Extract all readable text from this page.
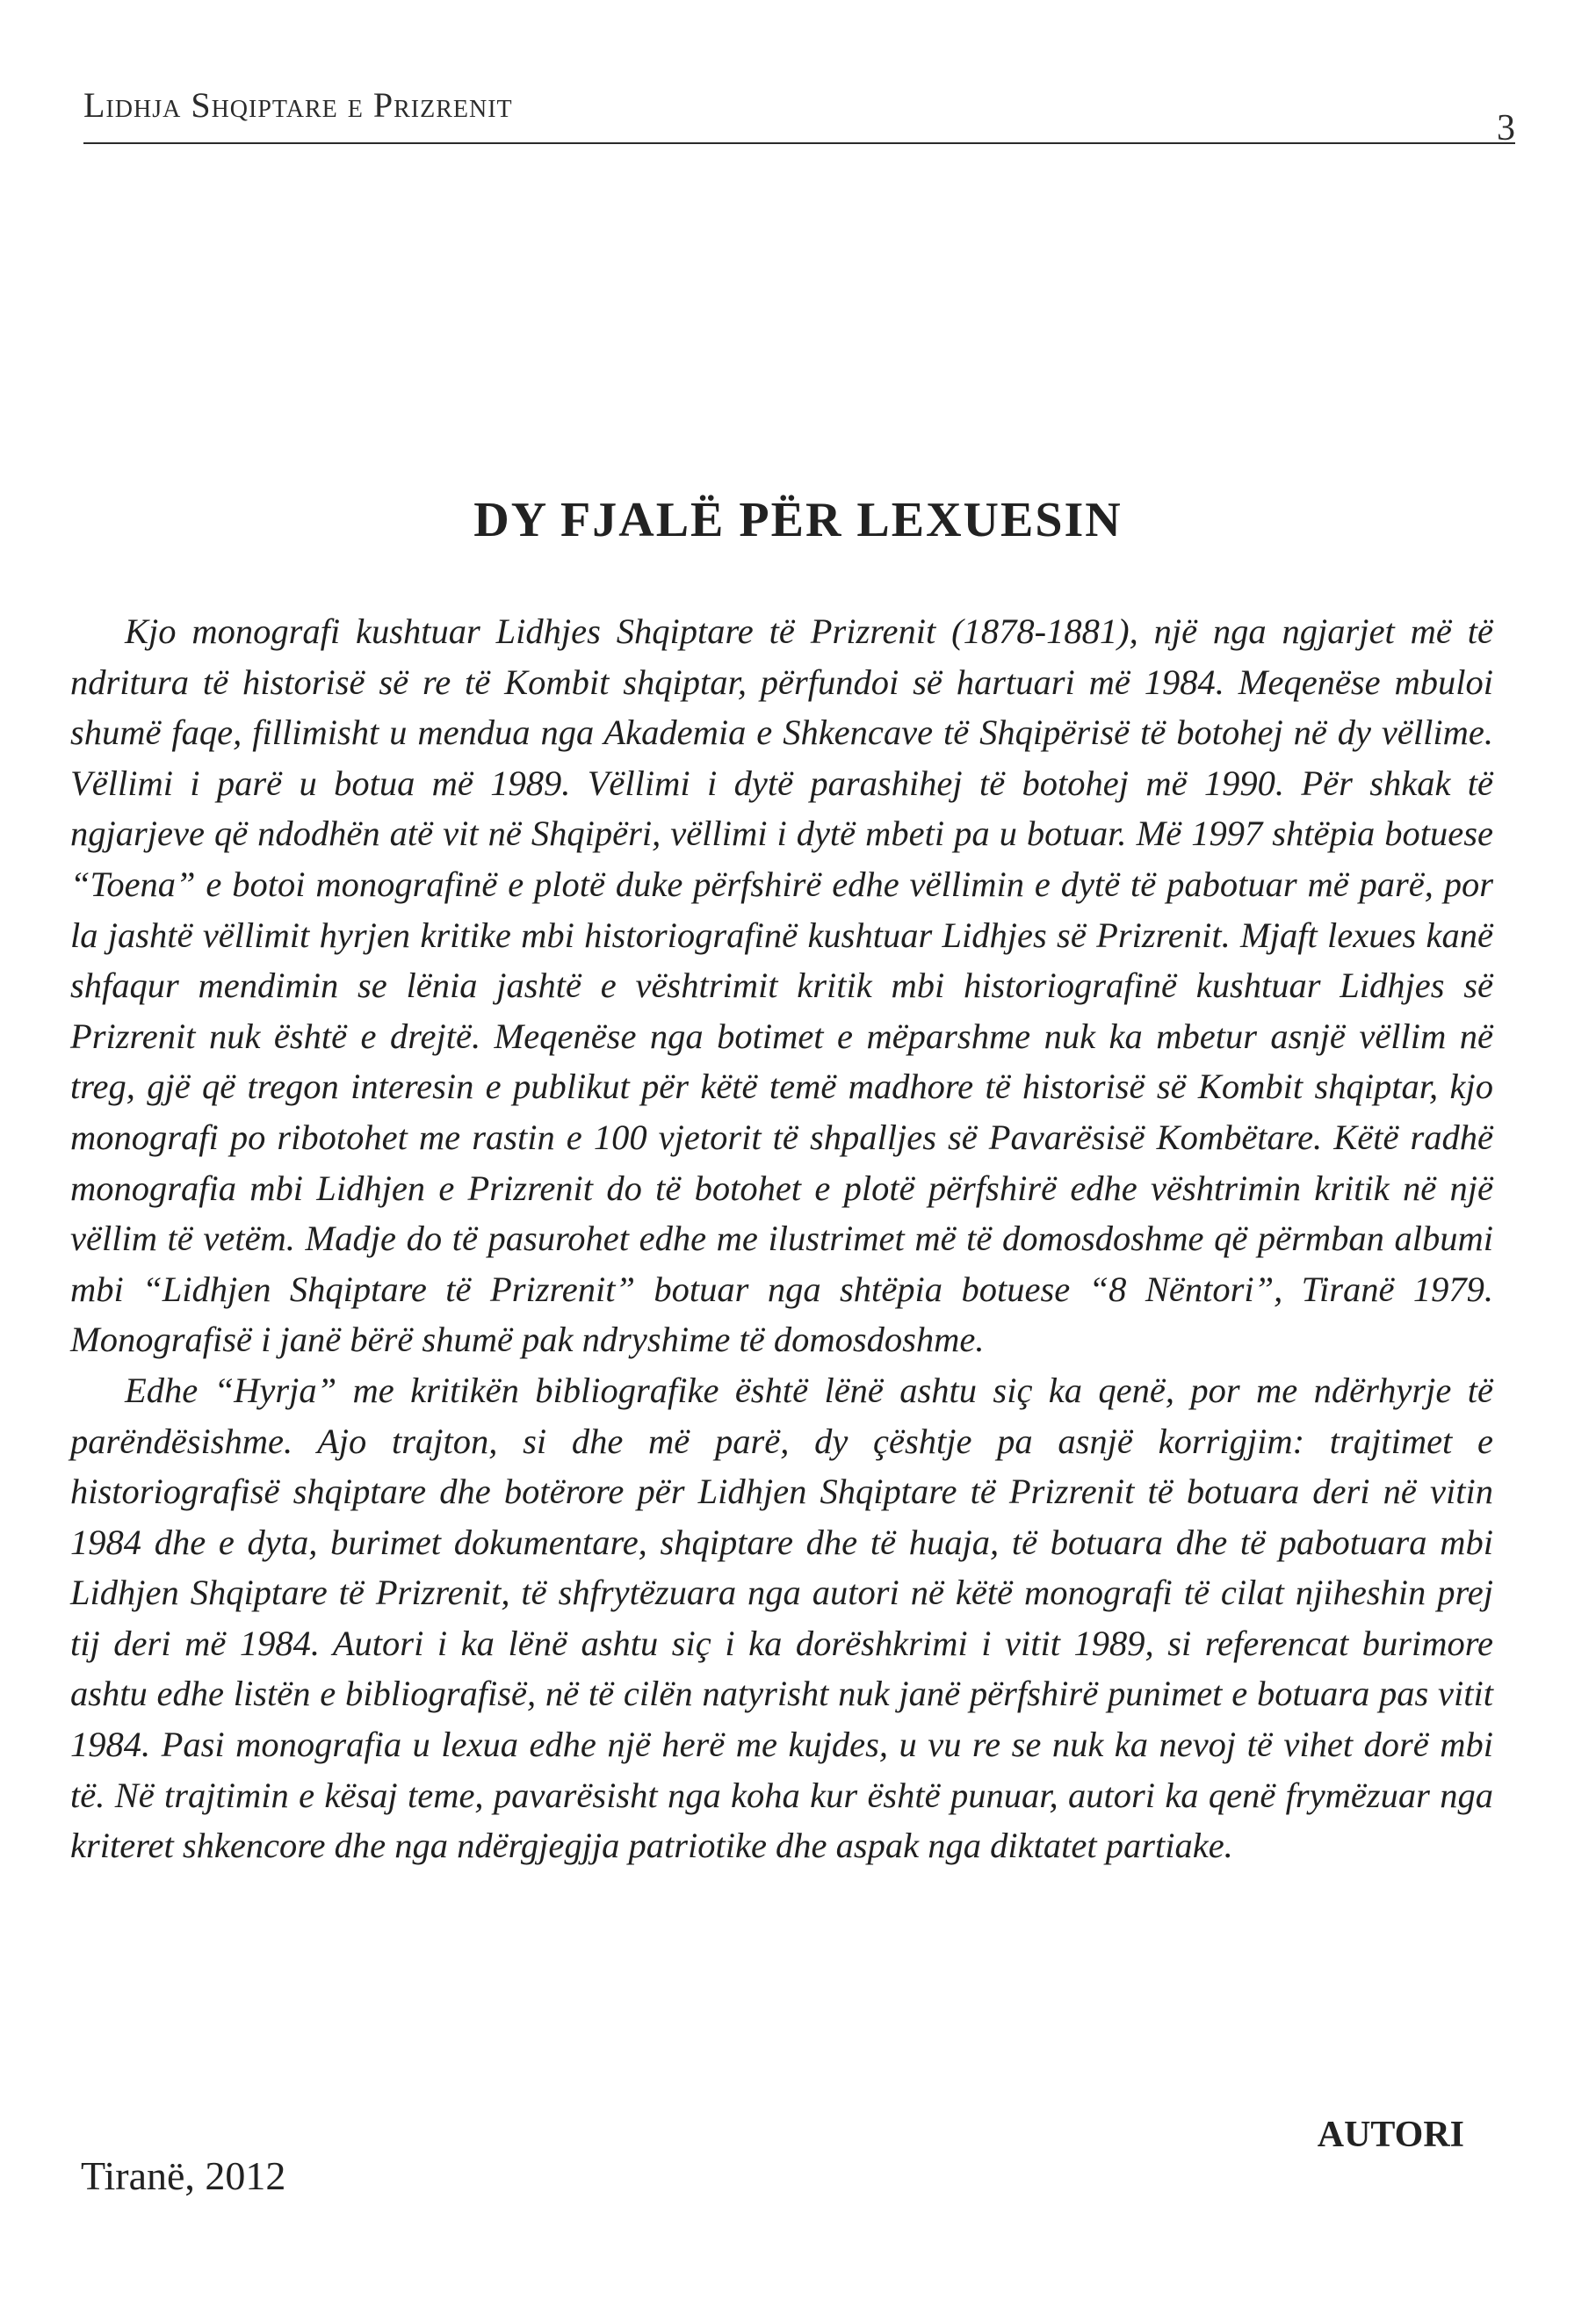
Lidhja Shqiptare e Prizrenit
3
DY FJALË PËR LEXUESIN

Kjo monografi kushtuar Lidhjes Shqiptare të Prizrenit (1878-1881), një nga ngjarjet më të ndritura të historisë së re të Kombit shqiptar, përfundoi së hartuari më 1984. Meqenëse mbuloi shumë faqe, fillimisht u mendua nga Akademia e Shkencave të Shqipërisë të botohej në dy vëllime. Vëllimi i parë u botua më 1989. Vëllimi i dytë parashihej të botohej më 1990. Për shkak të ngjarjeve që ndodhën atë vit në Shqipëri, vëllimi i dytë mbeti pa u botuar. Më 1997 shtëpia botuese “Toena” e botoi monografinë e plotë duke përfshirë edhe vëllimin e dytë të pabotuar më parë, por la jashtë vëllimit hyrjen kritike mbi historiografinë kushtuar Lidhjes së Prizrenit. Mjaft lexues kanë shfaqur mendimin se lënia jashtë e vështrimit kritik mbi historiografinë kushtuar Lidhjes së Prizrenit nuk është e drejtë. Meqenëse nga botimet e mëparshme nuk ka mbetur asnjë vëllim në treg, gjë që tregon interesin e publikut për këtë temë madhore të historisë së Kombit shqiptar, kjo monografi po ribotohet me rastin e 100 vjetorit të shpalljes së Pavarësisë Kombëtare. Këtë radhë monografia mbi Lidhjen e Prizrenit do të botohet e plotë përfshirë edhe vështrimin kritik në një vëllim të vetëm. Madje do të pasurohet edhe me ilustrimet më të domosdoshme që përmban albumi mbi “Lidhjen Shqiptare të Prizrenit” botuar nga shtëpia botuese “8 Nëntori”, Tiranë 1979. Monografisë i janë bërë shumë pak ndryshime të domosdoshme.

Edhe “Hyrja” me kritikën bibliografike është lënë ashtu siç ka qenë, por me ndërhyrje të parëndësishme. Ajo trajton, si dhe më parë, dy çështje pa asnjë korrigjim: trajtimet e historiografisë shqiptare dhe botërore për Lidhjen Shqiptare të Prizrenit të botuara deri në vitin 1984 dhe e dyta, burimet dokumentare, shqiptare dhe të huaja, të botuara dhe të pabotuara mbi Lidhjen Shqiptare të Prizrenit, të shfrytëzuara nga autori në këtë monografi të cilat njiheshin prej tij deri më 1984. Autori i ka lënë ashtu siç i ka dorëshkrimi i vitit 1989, si referencat burimore ashtu edhe listën e bibliografisë, në të cilën natyrisht nuk janë përfshirë punimet e botuara pas vitit 1984. Pasi monografia u lexua edhe një herë me kujdes, u vu re se nuk ka nevoj të vihet dorë mbi të. Në trajtimin e kësaj teme, pavarësisht nga koha kur është punuar, autori ka qenë frymëzuar nga kriteret shkencore dhe nga ndërgjegjja patriotike dhe aspak nga diktatet partiake.

AUTORI
Tiranë, 2012
